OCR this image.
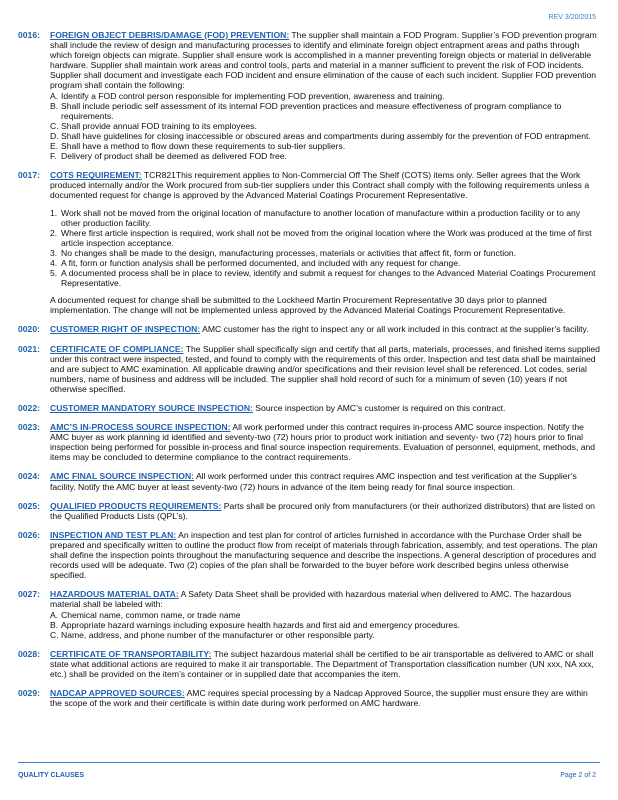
REV 3/20/2015
0016:	FOREIGN OBJECT DEBRIS/DAMAGE (FOD) PREVENTION: The supplier shall maintain a FOD Program. Supplier’s FOD prevention program shall include the review of design and manufacturing processes to identify and eliminate foreign object entrapment areas and paths through which foreign objects can migrate. Supplier shall ensure work is accomplished in a manner preventing foreign objects or material in deliverable hardware. Supplier shall maintain work areas and control tools, parts and material in a manner sufficient to prevent the risk of FOD incidents. Supplier shall document and investigate each FOD incident and ensure elimination of the cause of each such incident. Supplier FOD prevention program shall contain the following:
A. Identify a FOD control person responsible for implementing FOD prevention, awareness and training.
B. Shall include periodic self assessment of its internal FOD prevention practices and measure effectiveness of program compliance to requirements.
C. Shall provide annual FOD training to its employees.
D. Shall have guidelines for closing inaccessible or obscured areas and compartments during assembly for the prevention of FOD entrapment.
E. Shall have a method to flow down these requirements to sub-tier suppliers.
F. Delivery of product shall be deemed as delivered FOD free.
0017:	COTS REQUIREMENT: TCR821This requirement applies to Non-Commercial Off The Shelf (COTS) items only. Seller agrees that the Work produced internally and/or the Work procured from sub-tier suppliers under this Contract shall comply with the following requirements unless a documented request for change is approved by the Advanced Material Coatings Procurement Representative.
1. Work shall not be moved from the original location of manufacture to another location of manufacture within a production facility or to any other production facility.
2. Where first article inspection is required, work shall not be moved from the original location where the Work was produced at the time of first article inspection acceptance.
3. No changes shall be made to the design, manufacturing processes, materials or activities that affect fit, form or function.
4. A fit, form or function analysis shall be performed documented, and included with any request for change.
5. A documented process shall be in place to review, identify and submit a request for changes to the Advanced Material Coatings Procurement Representative.
A documented request for change shall be submitted to the Lockheed Martin Procurement Representative 30 days prior to planned implementation. The change will not be implemented unless approved by the Advanced Material Coatings Procurement Representative.
0020:	CUSTOMER RIGHT OF INSPECTION: AMC customer has the right to inspect any or all work included in this contract at the supplier’s facility.
0021:	CERTIFICATE OF COMPLIANCE: The Supplier shall specifically sign and certify that all parts, materials, processes, and finished items supplied under this contract were inspected, tested, and found to comply with the requirements of this order. Inspection and test data shall be maintained and are subject to AMC examination. All applicable drawing and/or specifications and their revision level shall be referenced. Lot codes, serial numbers, name of business and address will be included. The supplier shall hold record of such for a minimum of seven (10) years if not otherwise specified.
0022:	CUSTOMER MANDATORY SOURCE INSPECTION: Source inspection by AMC’s customer is required on this contract.
0023:	AMC’S IN-PROCESS SOURCE INSPECTION: All work performed under this contract requires in-process AMC source inspection. Notify the AMC buyer as work planning id identified and seventy-two (72) hours prior to product work initiation and seventy- two (72) hours prior to final inspection being performed for possible in-process and final source inspection requirements. Evaluation of personnel, equipment, methods, and items may be concluded to determine compliance to the contract requirements.
0024:	AMC FINAL SOURCE INSPECTION: All work performed under this contract requires AMC inspection and test verification at the Supplier’s facility. Notify the AMC buyer at least seventy-two (72) hours in advance of the item being ready for final source inspection.
0025:	QUALIFIED PRODUCTS REQUIREMENTS: Parts shall be procured only from manufacturers (or their authorized distributors) that are listed on the Qualified Products Lists (QPL’s).
0026:	INSPECTION AND TEST PLAN: An inspection and test plan for control of articles furnished in accordance with the Purchase Order shall be prepared and specifically written to outline the product flow from receipt of materials through fabrication, assembly, and test operations. The plan shall define the inspection points throughout the manufacturing sequence and describe the inspections. A general description of procedures and records used will be adequate. Two (2) copies of the plan shall be forwarded to the buyer before work described begins unless otherwise specified.
0027:	HAZARDOUS MATERIAL DATA: A Safety Data Sheet shall be provided with hazardous material when delivered to AMC. The hazardous material shall be labeled with:
A. Chemical name, common name, or trade name
B. Appropriate hazard warnings including exposure health hazards and first aid and emergency procedures.
C. Name, address, and phone number of the manufacturer or other responsible party.
0028:	CERTIFICATE OF TRANSPORTABILITY: The subject hazardous material shall be certified to be air transportable as delivered to AMC or shall state what additional actions are required to make it air transportable. The Department of Transportation classification number (UN xxx, NA xxx, etc.) shall be provided on the item’s container or in supplied date that accompanies the item.
0029:	NADCAP APPROVED SOURCES: AMC requires special processing by a Nadcap Approved Source, the supplier must ensure they are within the scope of the work and their certificate is within date during work performed on AMC hardware.
QUALITY CLAUSES	Page 2 of 2
